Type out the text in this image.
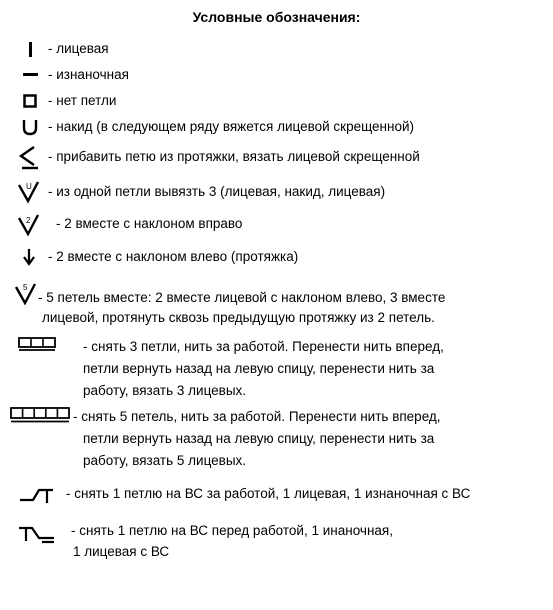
Условные обозначения:
- лицевая
- изнаночная
- нет петли
- накид (в следующем ряду вяжется лицевой скрещенной)
- прибавить петю из протяжки, вязать лицевой скрещенной
U - из одной петли вывязть 3 (лицевая, накид, лицевая)
2 - 2 вместе с наклоном вправо
- 2 вместе с наклоном влево (протяжка)
5
- 5 петель вместе: 2 вместе лицевой с наклоном влево, 3 вместе
лицевой, протянуть сквозь предыдущую протяжку из 2 петель.
- снять 3 петли, нить за работой. Перенести нить вперед,
петли вернуть назад на левую спицу, перенести нить за
работу, вязать 3 лицевых.
- снять 5 петель, нить за работой. Перенести нить вперед,
петли вернуть назад на левую спицу, перенести нить за
работу, вязать 5 лицевых.
- снять 1 петлю на ВС за работой, 1 лицевая, 1 изнаночная с ВС
- снять 1 петлю на ВС перед работой, 1 инаночная,
1 лицевая с ВС
